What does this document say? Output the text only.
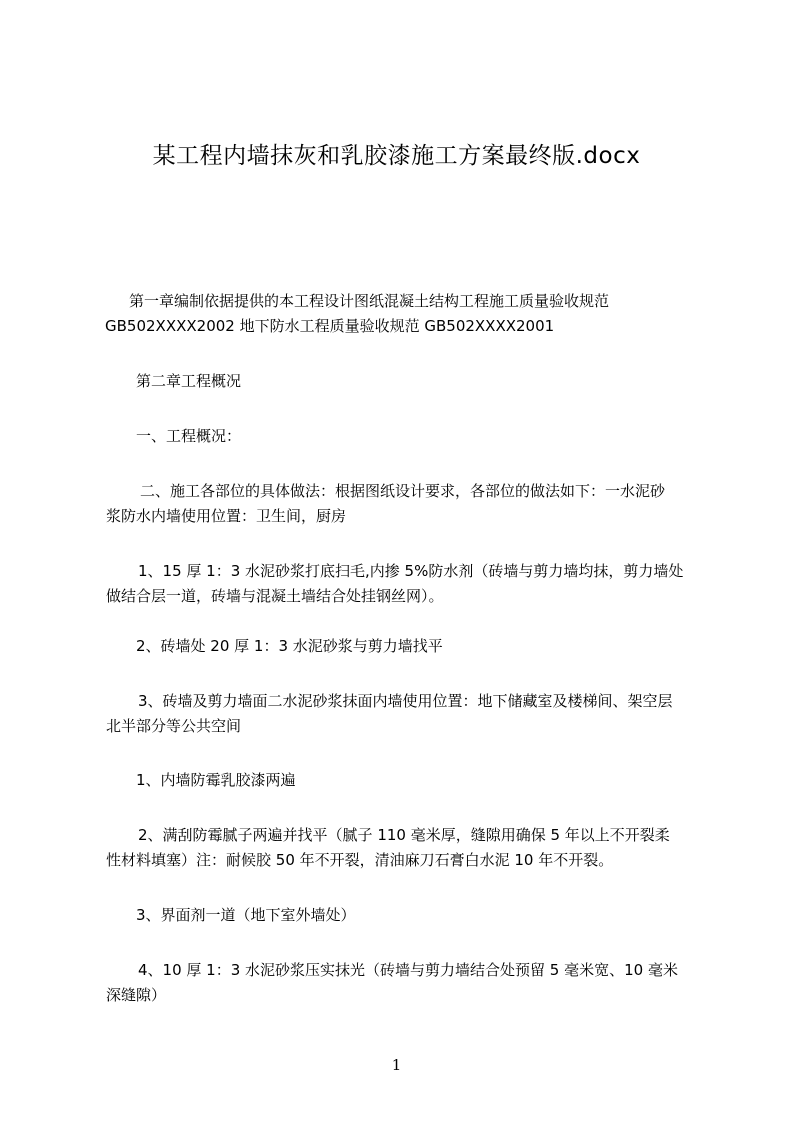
某工程内墙抹灰和乳胶漆施工方案最终版.docx
　第一章编制依据提供的本工程设计图纸混凝土结构工程施工质量验收规范
GB502XXXX2002 地下防水工程质量验收规范 GB502XXXX2001
第二章工程概况
一、工程概况：
二、施工各部位的具体做法：根据图纸设计要求，各部位的做法如下：一水泥砂
浆防水内墙使用位置：卫生间，厨房
1、15 厚 1：3 水泥砂浆打底扫毛,内掺 5%防水剂（砖墙与剪力墙均抹，剪力墙处
做结合层一道，砖墙与混凝土墙结合处挂钢丝网）。
2、砖墙处 20 厚 1：3 水泥砂浆与剪力墙找平
3、砖墙及剪力墙面二水泥砂浆抹面内墙使用位置：地下储藏室及楼梯间、架空层
北半部分等公共空间
1、内墙防霉乳胶漆两遍
2、满刮防霉腻子两遍并找平（腻子 110 毫米厚，缝隙用确保 5 年以上不开裂柔
性材料填塞）注：耐候胶 50 年不开裂，清油麻刀石膏白水泥 10 年不开裂。
3、界面剂一道（地下室外墙处）
4、10 厚 1：3 水泥砂浆压实抹光（砖墙与剪力墙结合处预留 5 毫米宽、10 毫米
深缝隙）
1
